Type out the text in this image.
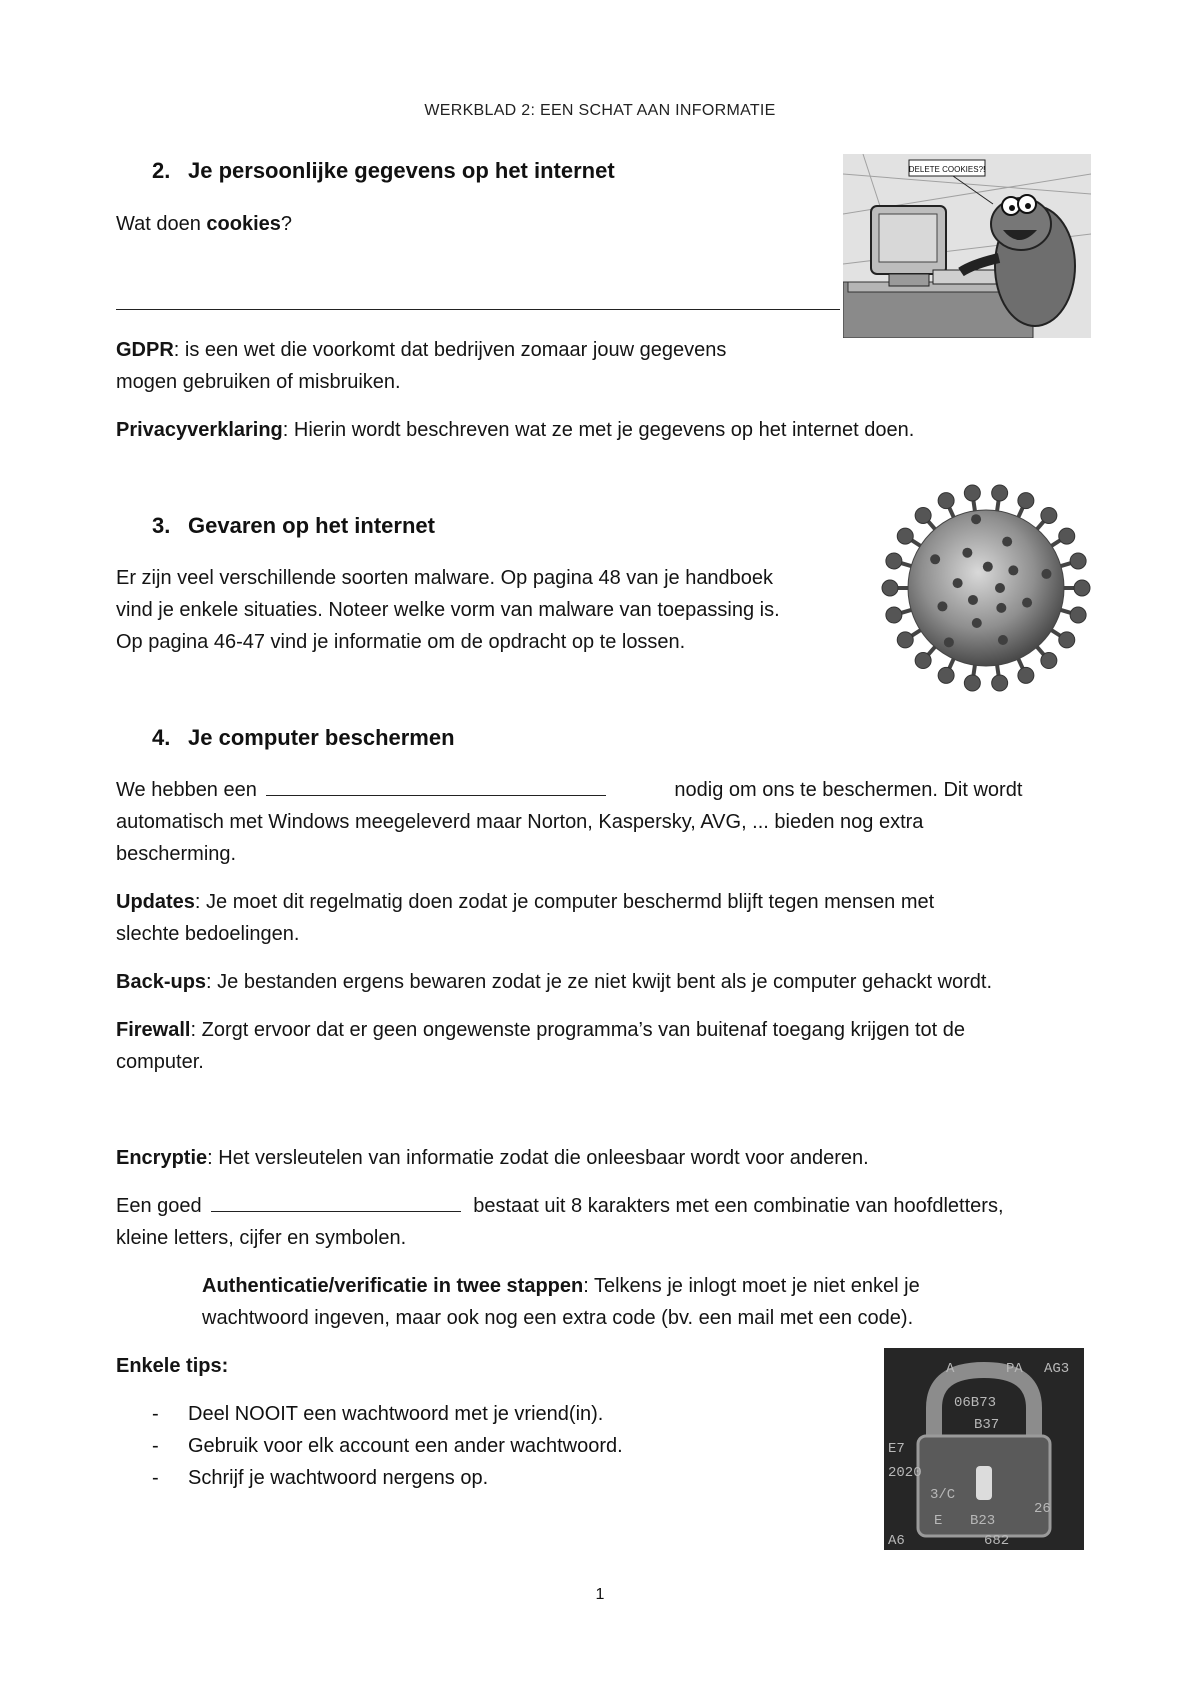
WERKBLAD 2: EEN SCHAT AAN INFORMATIE
2. Je persoonlijke gegevens op het internet
Wat doen cookies?
GDPR: is een wet die voorkomt dat bedrijven zomaar jouw gegevens
mogen gebruiken of misbruiken.
Privacyverklaring: Hierin wordt beschreven wat ze met je gegevens op het internet doen.
DELETE COOKIES?!
3. Gevaren op het internet
Er zijn veel verschillende soorten malware. Op pagina 48 van je handboek
vind je enkele situaties. Noteer welke vorm van malware van toepassing is.
Op pagina 46-47 vind je informatie om de opdracht op te lossen.
4. Je computer beschermen
We hebben een	nodig om ons te beschermen. Dit wordt
automatisch met Windows meegeleverd maar Norton, Kaspersky, AVG, ... bieden nog extra
bescherming.
Updates: Je moet dit regelmatig doen zodat je computer beschermd blijft tegen mensen met
slechte bedoelingen.
Back-ups: Je bestanden ergens bewaren zodat je ze niet kwijt bent als je computer gehackt wordt.
Firewall: Zorgt ervoor dat er geen ongewenste programma’s van buitenaf toegang krijgen tot de
computer.
Encryptie: Het versleutelen van informatie zodat die onleesbaar wordt voor anderen.
Een goed	bestaat uit 8 karakters met een combinatie van hoofdletters,
kleine letters, cijfer en symbolen.
Authenticatie/verificatie in twee stappen: Telkens je inlogt moet je niet enkel je
wachtwoord ingeven, maar ook nog een extra code (bv. een mail met een code).
Enkele tips:
- Deel NOOIT een wachtwoord met je vriend(in).
- Gebruik voor elk account een ander wachtwoord.
- Schrijf je wachtwoord nergens op.
A	PA AG3
06B73
B37
E7
2020
3/C
B23
26
682
A6
E
1
